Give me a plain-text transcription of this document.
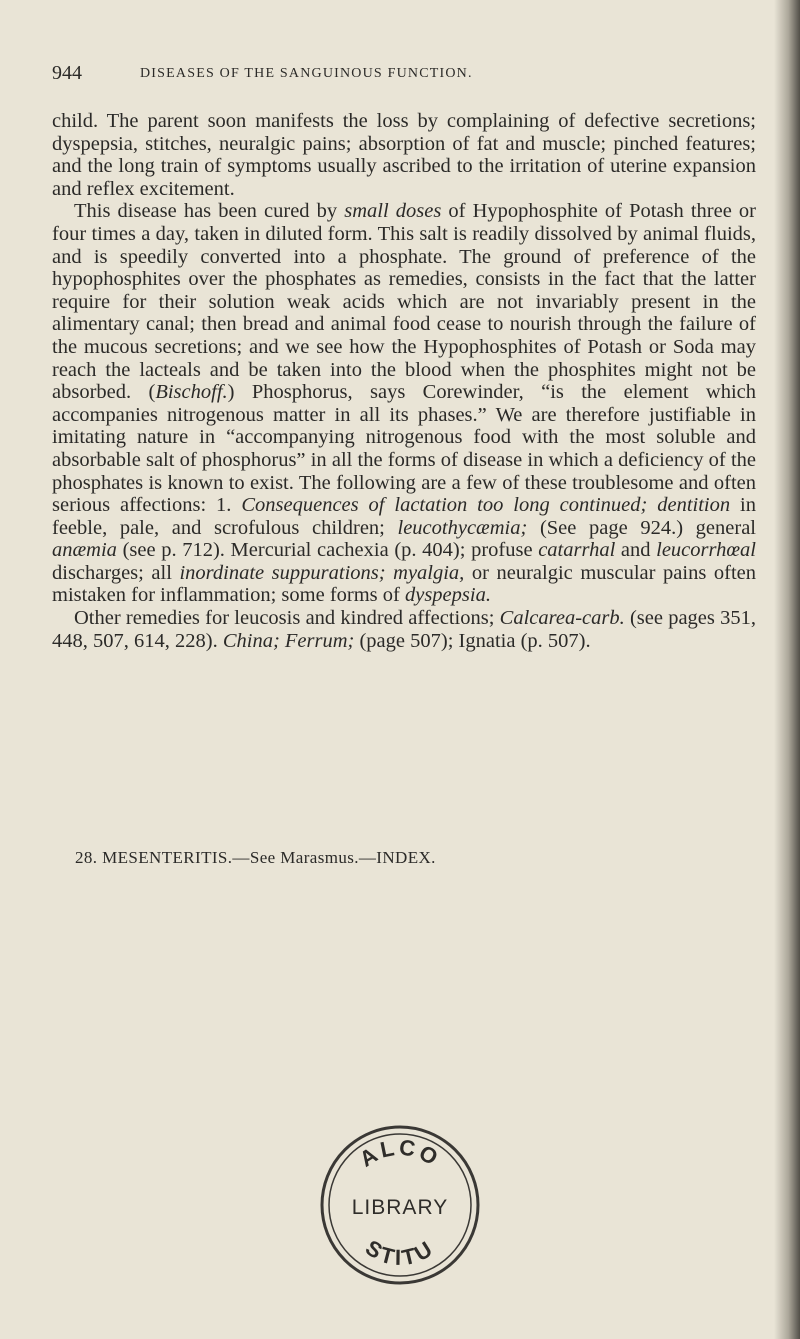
944	DISEASES OF THE SANGUINOUS FUNCTION.

child. The parent soon manifests the loss by complaining of defective secretions; dyspepsia, stitches, neuralgic pains; absorption of fat and muscle; pinched features; and the long train of symptoms usually ascribed to the irritation of uterine expansion and reflex excitement.

This disease has been cured by small doses of Hypophosphite of Potash three or four times a day, taken in diluted form. This salt is readily dissolved by animal fluids, and is speedily converted into a phosphate. The ground of preference of the hypophosphites over the phosphates as remedies, consists in the fact that the latter require for their solution weak acids which are not invariably present in the alimentary canal; then bread and animal food cease to nourish through the failure of the mucous secretions; and we see how the Hypophosphites of Potash or Soda may reach the lacteals and be taken into the blood when the phosphites might not be absorbed. (Bischoff.) Phosphorus, says Corewinder, “is the element which accompanies nitrogenous matter in all its phases.” We are therefore justifiable in imitating nature in “accompanying nitrogenous food with the most soluble and absorbable salt of phosphorus” in all the forms of disease in which a deficiency of the phosphates is known to exist. The following are a few of these troublesome and often serious affections: 1. Consequences of lactation too long continued; dentition in feeble, pale, and scrofulous children; leucothycæmia; (See page 924.) general anæmia (see p. 712). Mercurial cachexia (p. 404); profuse catarrhal and leucorrhœal discharges; all inordinate suppurations; myalgia, or neuralgic muscular pains often mistaken for inflammation; some forms of dyspepsia.

Other remedies for leucosis and kindred affections; Calcarea-carb. (see pages 351, 448, 507, 614, 228). China; Ferrum; (page 507); Ignatia (p. 507).

28. MESENTERITIS.—See Marasmus.—INDEX.
ALCO
LIBRARY
STITU
